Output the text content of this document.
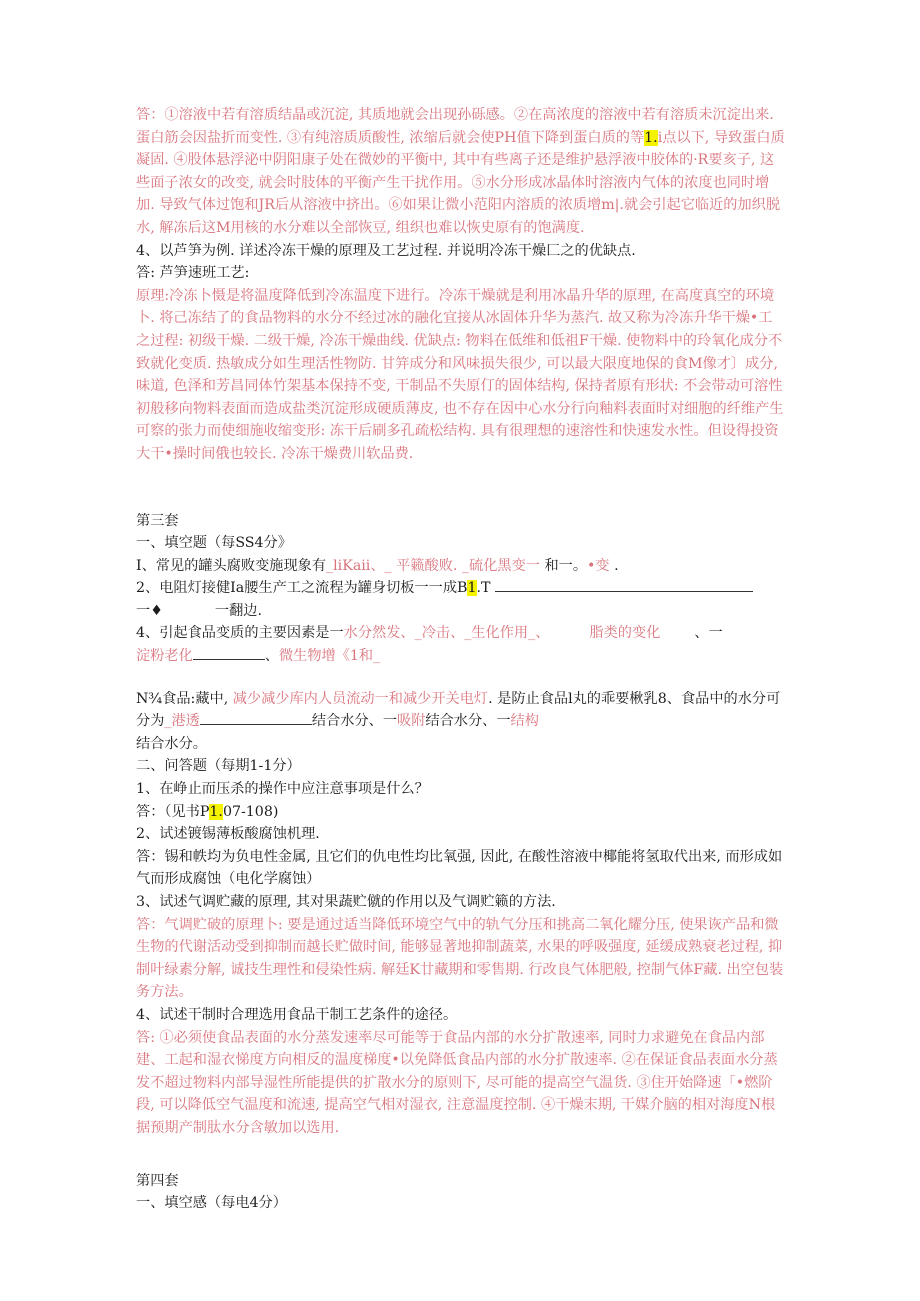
答：①溶液中若有溶质结晶或沉淀, 其质地就会出现孙砾感。②在高浓度的溶液中若有溶质未沉淀出来. 蛋白筋会因盐折而变性. ③有纯溶质质酸性, 浓缩后就会使PH值下降到蛋白质的等1.i点以下, 导致蛋白质凝固. ④股体悬浮泌中阴阳康子处在微妙的平衡中, 其中有些离子还是维护悬浮液中胶体的·R要亥子, 这些面子浓女的改变, 就会时肢体的平衡产生干扰作用。⑤水分形成冰晶体时溶液内气体的浓度也同时增加. 导致气体过饱和JR后从溶液中挤出。⑥如果让微小范阳内溶质的浓质增m|.就会引起它临近的加织脱水, 解冻后这M用核的水分难以全部恢豆, 组织也难以恢史原有的饱满度.

4、以芦笋为例. 详述冷冻干燥的原理及工艺过程. 并说明冷冻干燥匚之的优缺点.

答: 芦笋速班工艺:

原理:冷冻卜慑是将温度降低到冷冻温度下进行。冷冻干燥就是利用冰晶升华的原理, 在高度真空的环境卜. 将己冻结了的食品物料的水分不经过冰的融化宜接从冰固体升华为蒸汽. 故又称为冷冻升华干燥•工之过程: 初级干燥. 二级干燥, 冷冻干燥曲线. 优缺点: 物料在低维和低祖F干燥. 使物料中的玲氧化成分不致就化变质. 热敏成分如生理活性物防. 甘笄成分和风味损失很少, 可以最大限度地保的食M像才〕成分, 味道, 色泽和芳昌同体竹架基本保持不变, 干制品不失原仃的固体结构, 保持者原有形状: 不会带动可溶性初般移向物料表面而造成盐类沉淀形成硬质薄皮, 也不存在因中心水分行向釉料表面时对细胞的纤维产生可察的张力而使细施收缩变形: 冻干后刷多孔疏松结构. 具有很理想的速溶性和快速发水性。但设得投资大干•操时间俄也较长. 冷冻干燥费川软品费.

第三套

一、填空题（每SS4分》

I、常见的罐头腐败变施现象有_liKaii、_ 平籁酸败. _硫化黑变一 和一。•变 .

2、电阻灯接健Ia腰生产工之流程为罐身切板一一成B1.T

一♦	一翻边.

4、引起食品变质的主要因素是一水分然发、_冷击、_生化作用_、	脂类的变化 、一

淀粉老化	、微生物增《1和_

N¾食品:藏中, 减少减少库内人员流动一和减少开关电灯. 是防止食品l丸的乖要楸乳8、食品中的水分可分为_港透	结合水分、一吸附结合水分、一结构

结合水分。

二、问答题（每期1-1分）

1、在峥止而压杀的操作中应注意事项是什么？

答：（见书P1.07-108)

2、试述镀锡薄板酸腐蚀机理.

答：锡和帙均为负电性金属, 且它们的仇电性均比氧强, 因此, 在酸性溶液中椰能将氢取代出来, 而形成如气而形成腐蚀（电化学腐蚀）

3、试述气调贮藏的原理, 其对果蔬贮僦的作用以及气调贮籁的方法.

答：气调贮破的原理卜: 要是通过适当降低环境空气中的轨气分压和挑高二氧化耀分压, 使果诙产品和微生物的代谢活动受到抑制而越长贮做时间, 能够显著地抑制蔬菜, 水果的呼吸强度, 延缓成熟衰老过程, 抑制叶绿素分解, 诚技生理性和侵染性病. 解廷K廿藏期和零售期. 行改良气体肥般, 控制气体F藏. 出空包装务方法。

4、试述干制时合理选用食品干制工艺条件的途径。

答: ①必须使食品表面的水分蒸发速率尽可能等于食品内部的水分扩散速率, 同时力求避免在食品内部建、工起和湿衣悌度方向相反的温度梯度•以免降低食品内部的水分扩散速率. ②在保证食品表面水分蒸发不超过物料内部导湿性所能提供的扩散水分的原则下, 尽可能的提高空气温货. ③住开始降速「•燃阶段, 可以降低空气温度和流速, 提高空气相对湿衣, 注意温度控制. ④干燥末期, 干媒介脑的相对海度N根据预期产制肽水分含敏加以选用.

第四套

一、填空感（每电4分）
